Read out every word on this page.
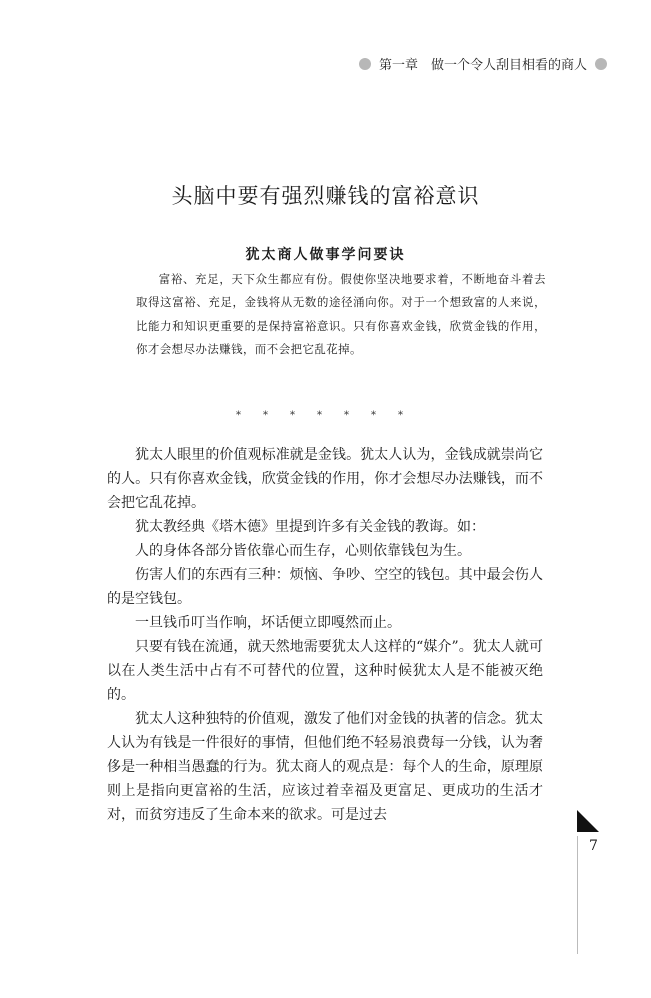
第一章　做一个令人刮目相看的商人
头脑中要有强烈赚钱的富裕意识
犹太商人做事学问要诀

富裕、充足，天下众生都应有份。假使你坚决地要求着，不断地奋斗着去取得这富裕、充足，金钱将从无数的途径涌向你。对于一个想致富的人来说，比能力和知识更重要的是保持富裕意识。只有你喜欢金钱，欣赏金钱的作用，你才会想尽办法赚钱，而不会把它乱花掉。

* * * * * * *

犹太人眼里的价值观标准就是金钱。犹太人认为，金钱成就崇尚它的人。只有你喜欢金钱，欣赏金钱的作用，你才会想尽办法赚钱，而不会把它乱花掉。

犹太教经典《塔木德》里提到许多有关金钱的教诲。如：

人的身体各部分皆依靠心而生存，心则依靠钱包为生。

伤害人们的东西有三种：烦恼、争吵、空空的钱包。其中最会伤人的是空钱包。

一旦钱币叮当作响，坏话便立即嘎然而止。

只要有钱在流通，就天然地需要犹太人这样的“媒介”。犹太人就可以在人类生活中占有不可替代的位置，这种时候犹太人是不能被灭绝的。

犹太人这种独特的价值观，激发了他们对金钱的执著的信念。犹太人认为有钱是一件很好的事情，但他们绝不轻易浪费每一分钱，认为奢侈是一种相当愚蠢的行为。犹太商人的观点是：每个人的生命，原理原则上是指向更富裕的生活，应该过着幸福及更富足、更成功的生活才对，而贫穷违反了生命本来的欲求。可是过去

7
